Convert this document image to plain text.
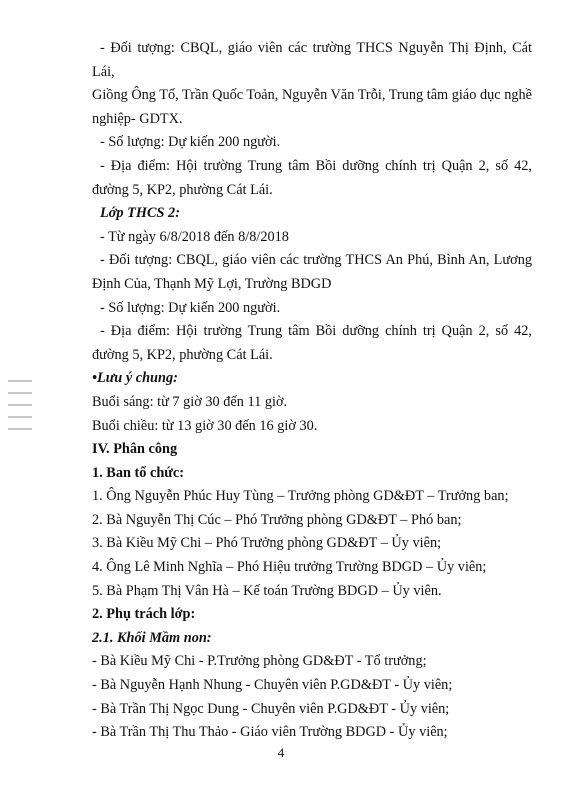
- Đối tượng: CBQL, giáo viên các trường THCS Nguyễn Thị Định, Cát Lái,

Giồng Ông Tố, Trần Quốc Toản, Nguyễn Văn Trỗi, Trung tâm giáo dục nghề

nghiệp- GDTX.

- Số lượng: Dự kiến 200 người.

- Địa điểm: Hội trường Trung tâm Bồi dưỡng chính trị Quận 2, số 42,

đường 5, KP2, phường Cát Lái.

Lớp THCS 2:

- Từ ngày 6/8/2018 đến 8/8/2018

- Đối tượng: CBQL, giáo viên các trường THCS An Phú, Bình An, Lương

Định Của, Thạnh Mỹ Lợi, Trường BDGD

- Số lượng: Dự kiến 200 người.

- Địa điểm: Hội trường Trung tâm Bồi dưỡng chính trị Quận 2, số 42,

đường 5, KP2, phường Cát Lái.

•Lưu ý chung:

Buổi sáng: từ 7 giờ 30 đến 11 giờ.

Buổi chiều: từ 13 giờ 30 đến 16 giờ 30.

IV. Phân công

1. Ban tổ chức:

1. Ông Nguyễn Phúc Huy Tùng – Trưởng phòng GD&ĐT – Trưởng ban;

2. Bà Nguyễn Thị Cúc – Phó Trưởng phòng GD&ĐT – Phó ban;

3. Bà Kiều Mỹ Chi – Phó Trưởng phòng GD&ĐT – Ủy viên;

4. Ông Lê Minh Nghĩa – Phó Hiệu trưởng Trường BDGD – Ủy viên;

5. Bà Phạm Thị Vân Hà – Kế toán Trường BDGD – Ủy viên.

2. Phụ trách lớp:

2.1. Khối Mầm non:

- Bà Kiều Mỹ Chi - P.Trưởng phòng GD&ĐT - Tổ trưởng;

- Bà Nguyễn Hạnh Nhung - Chuyên viên P.GD&ĐT - Ủy viên;

- Bà Trần Thị Ngọc Dung - Chuyên viên P.GD&ĐT - Ủy viên;

- Bà Trần Thị Thu Thảo - Giáo viên Trường BDGD - Ủy viên;

4
